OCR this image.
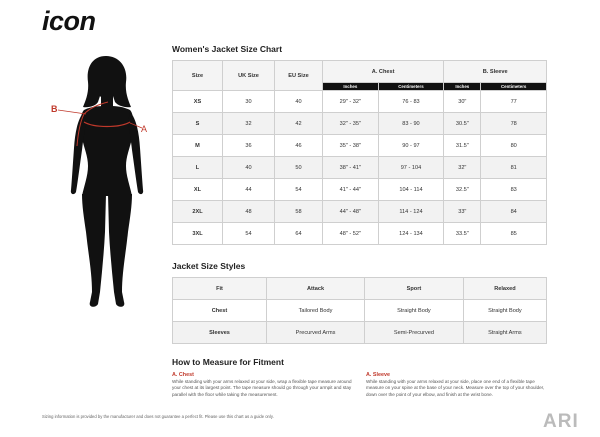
icon
A
B
Women's Jacket Size Chart
Size	UK Size	EU Size	A. Chest		B. Sleeve	
			Inches	Centimeters	Inches	Centimeters
XS	30	40	29" - 32"	76 - 83	30"	77
S	32	42	32" - 35"	83 - 90	30.5"	78
M	36	46	35" - 38"	90 - 97	31.5"	80
L	40	50	38" - 41"	97 - 104	32"	81
XL	44	54	41" - 44"	104 - 114	32.5"	83
2XL	48	58	44" - 48"	114 - 124	33"	84
3XL	54	64	48" - 52"	124 - 134	33.5"	85
Jacket Size Styles
Fit	Attack	Sport	Relaxed
Chest	Tailored Body	Straight Body	Straight Body
Sleeves	Precurved Arms	Semi-Precurved	Straight Arms
How to Measure for Fitment
A. Chest
While standing with your arms relaxed at your side, wrap a flexible tape measure around your chest at its largest point. The tape measure should go through your armpit and stay parallel with the floor while taking the measurement.
A. Sleeve
While standing with your arms relaxed at your side, place one end of a flexible tape measure on your spine at the base of your neck. Measure over the top of your shoulder, down over the point of your elbow, and finish at the wrist bone.
Sizing information is provided by the manufacturer and does not guarantee a perfect fit. Please use this chart as a guide only.	ARI
